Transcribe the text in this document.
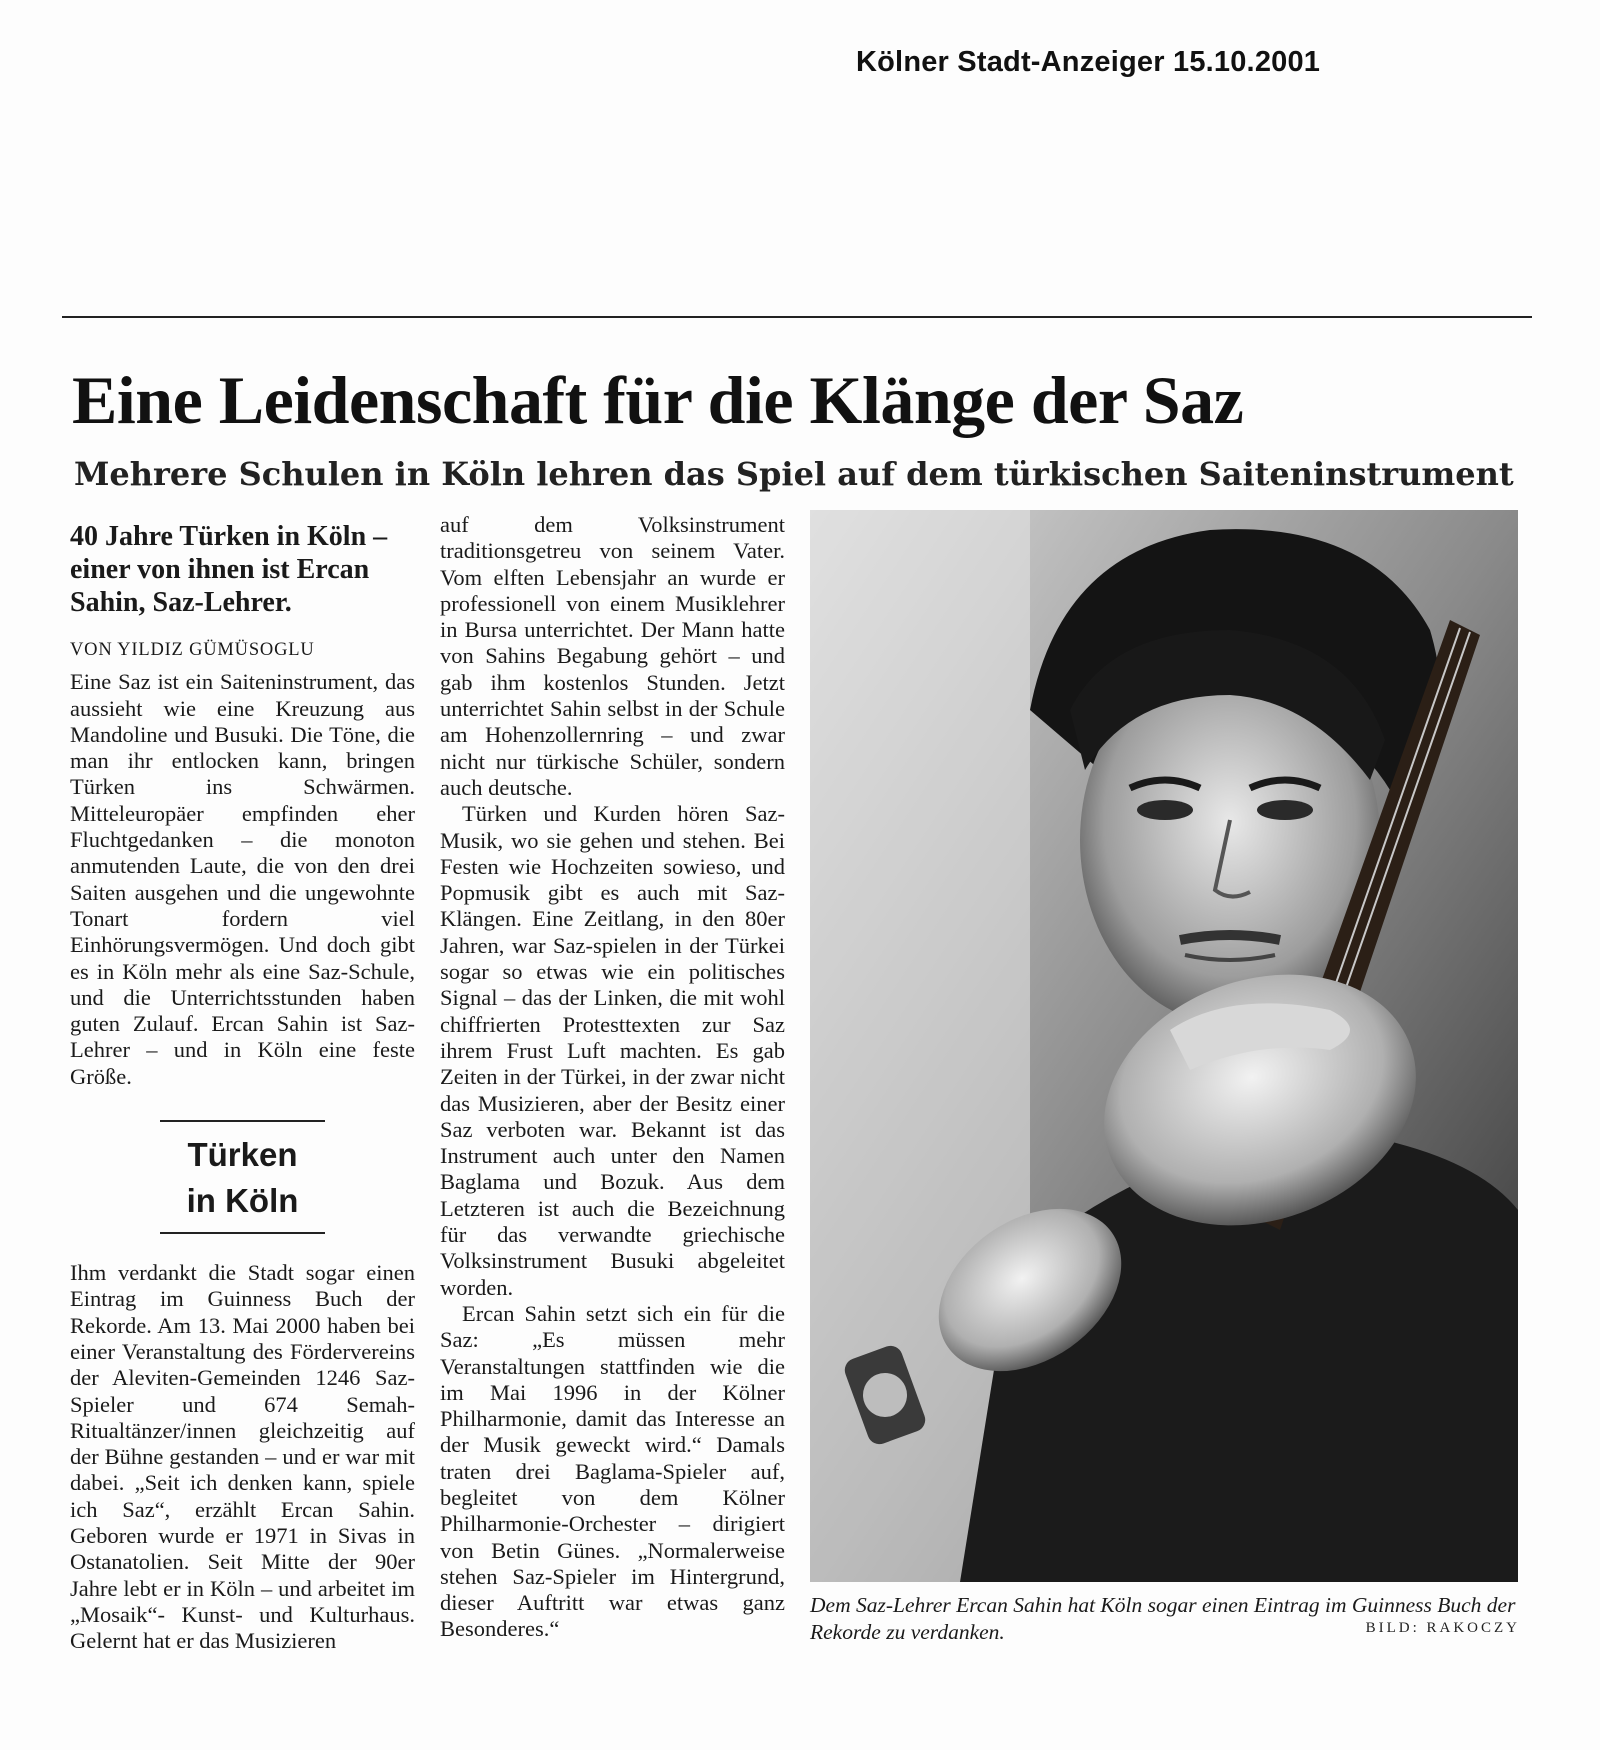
Kölner Stadt-Anzeiger 15.10.2001
Eine Leidenschaft für die Klänge der Saz
Mehrere Schulen in Köln lehren das Spiel auf dem türkischen Saiteninstrument

40 Jahre Türken in Köln – einer von ihnen ist Ercan Sahin, Saz-Lehrer.

VON YILDIZ GÜMÜSOGLU

Eine Saz ist ein Saiteninstrument, das aussieht wie eine Kreuzung aus Mandoline und Busuki. Die Töne, die man ihr entlocken kann, bringen Türken ins Schwärmen. Mitteleuropäer empfinden eher Fluchtgedanken – die monoton anmutenden Laute, die von den drei Saiten ausgehen und die ungewohnte Tonart fordern viel Einhörungsvermögen. Und doch gibt es in Köln mehr als eine Saz-Schule, und die Unterrichtsstunden haben guten Zulauf. Ercan Sahin ist Saz-Lehrer – und in Köln eine feste Größe.

Türken
in Köln

Ihm verdankt die Stadt sogar einen Eintrag im Guinness Buch der Rekorde. Am 13. Mai 2000 haben bei einer Veranstaltung des Fördervereins der Aleviten-Gemeinden 1246 Saz-Spieler und 674 Semah-Ritualtänzer/innen gleichzeitig auf der Bühne gestanden – und er war mit dabei. „Seit ich denken kann, spiele ich Saz“, erzählt Ercan Sahin. Geboren wurde er 1971 in Sivas in Ostanatolien. Seit Mitte der 90er Jahre lebt er in Köln – und arbeitet im „Mosaik“- Kunst- und Kulturhaus. Gelernt hat er das Musizieren

auf dem Volksinstrument traditionsgetreu von seinem Vater. Vom elften Lebensjahr an wurde er professionell von einem Musiklehrer in Bursa unterrichtet. Der Mann hatte von Sahins Begabung gehört – und gab ihm kostenlos Stunden. Jetzt unterrichtet Sahin selbst in der Schule am Hohenzollernring – und zwar nicht nur türkische Schüler, sondern auch deutsche.

Türken und Kurden hören Saz-Musik, wo sie gehen und stehen. Bei Festen wie Hochzeiten sowieso, und Popmusik gibt es auch mit Saz-Klängen. Eine Zeitlang, in den 80er Jahren, war Saz-spielen in der Türkei sogar so etwas wie ein politisches Signal – das der Linken, die mit wohl chiffrierten Protesttexten zur Saz ihrem Frust Luft machten. Es gab Zeiten in der Türkei, in der zwar nicht das Musizieren, aber der Besitz einer Saz verboten war. Bekannt ist das Instrument auch unter den Namen Baglama und Bozuk. Aus dem Letzteren ist auch die Bezeichnung für das verwandte griechische Volksinstrument Busuki abgeleitet worden.

Ercan Sahin setzt sich ein für die Saz: „Es müssen mehr Veranstaltungen stattfinden wie die im Mai 1996 in der Kölner Philharmonie, damit das Interesse an der Musik geweckt wird.“ Damals traten drei Baglama-Spieler auf, begleitet von dem Kölner Philharmonie-Orchester – dirigiert von Betin Günes. „Normalerweise stehen Saz-Spieler im Hintergrund, dieser Auftritt war etwas ganz Besonderes.“

Dem Saz-Lehrer Ercan Sahin hat Köln sogar einen Eintrag im Guinness Buch der Rekorde zu verdanken.	BILD: RAKOCZY
